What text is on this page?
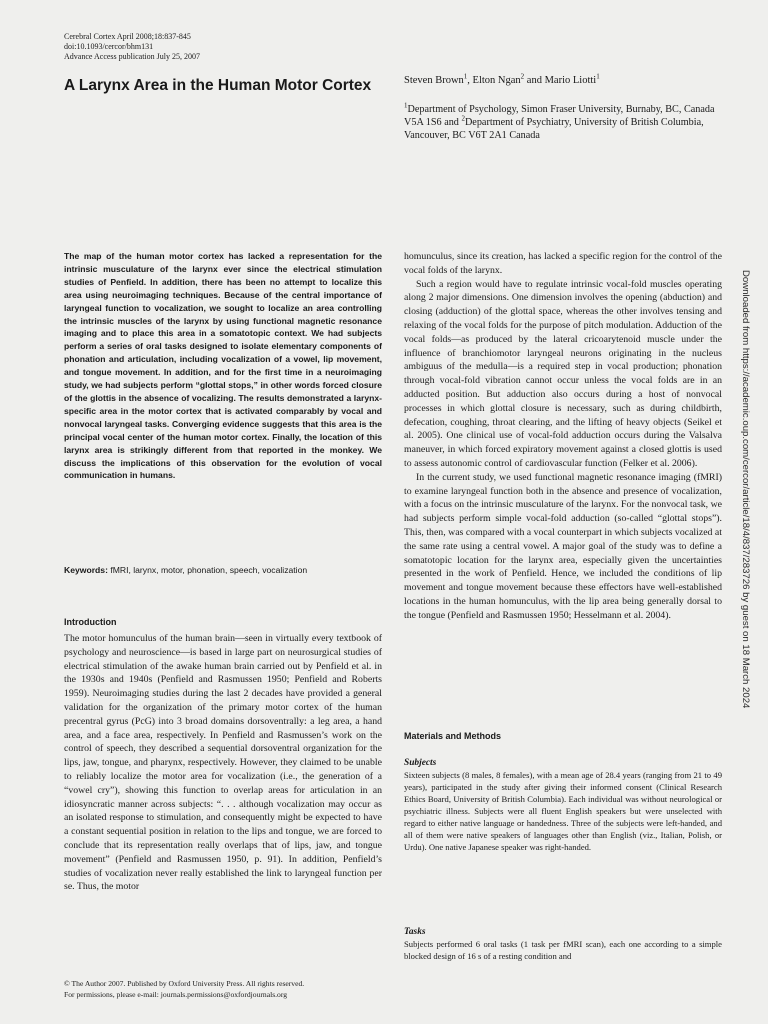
Cerebral Cortex April 2008;18:837-845
doi:10.1093/cercor/bhm131
Advance Access publication July 25, 2007
A Larynx Area in the Human Motor Cortex	Steven Brown$^1$, Elton Ngan$^2$ and Mario Liotti$^1$
$^1$Department of Psychology, Simon Fraser University, Burnaby, BC, Canada V5A 1S6 and $^2$Department of Psychiatry, University of British Columbia, Vancouver, BC V6T 2A1 Canada

The map of the human motor cortex has lacked a representation for the intrinsic musculature of the larynx ever since the electrical stimulation studies of Penfield. In addition, there has been no attempt to localize this area using neuroimaging techniques. Because of the central importance of laryngeal function to vocalization, we sought to localize an area controlling the intrinsic muscles of the larynx by using functional magnetic resonance imaging and to place this area in a somatotopic context. We had subjects perform a series of oral tasks designed to isolate elementary components of phonation and articulation, including vocalization of a vowel, lip movement, and tongue movement. In addition, and for the first time in a neuroimaging study, we had subjects perform “glottal stops,” in other words forced closure of the glottis in the absence of vocalizing. The results demonstrated a larynx-specific area in the motor cortex that is activated comparably by vocal and nonvocal laryngeal tasks. Converging evidence suggests that this area is the principal vocal center of the human motor cortex. Finally, the location of this larynx area is strikingly different from that reported in the monkey. We discuss the implications of this observation for the evolution of vocal communication in humans.

Keywords: fMRI, larynx, motor, phonation, speech, vocalization
Introduction

The motor homunculus of the human brain—seen in virtually every textbook of psychology and neuroscience—is based in large part on neurosurgical studies of electrical stimulation of the awake human brain carried out by Penfield et al. in the 1930s and 1940s (Penfield and Rasmussen 1950; Penfield and Roberts 1959). Neuroimaging studies during the last 2 decades have provided a general validation for the organization of the primary motor cortex of the human precentral gyrus (PcG) into 3 broad domains dorsoventrally: a leg area, a hand area, and a face area, respectively. In Penfield and Rasmussen’s work on the control of speech, they described a sequential dorsoventral organization for the lips, jaw, tongue, and pharynx, respectively. However, they claimed to be unable to reliably localize the motor area for vocalization (i.e., the generation of a “vowel cry”), showing this function to overlap areas for articulation in an idiosyncratic manner across subjects: “. . . although vocalization may occur as an isolated response to stimulation, and consequently might be expected to have a constant sequential position in relation to the lips and tongue, we are forced to conclude that its representation really overlaps that of lips, jaw, and tongue movement” (Penfield and Rasmussen 1950, p. 91). In addition, Penfield’s studies of vocalization never really established the link to laryngeal function per se. Thus, the motor

homunculus, since its creation, has lacked a specific region for the control of the vocal folds of the larynx.

Such a region would have to regulate intrinsic vocal-fold muscles operating along 2 major dimensions. One dimension involves the opening (abduction) and closing (adduction) of the glottal space, whereas the other involves tensing and relaxing of the vocal folds for the purpose of pitch modulation. Adduction of the vocal folds—as produced by the lateral cricoarytenoid muscle under the influence of branchiomotor laryngeal neurons originating in the nucleus ambiguus of the medulla—is a required step in vocal production; phonation through vocal-fold vibration cannot occur unless the vocal folds are in an adducted position. But adduction also occurs during a host of nonvocal processes in which glottal closure is necessary, such as during childbirth, defecation, coughing, throat clearing, and the lifting of heavy objects (Seikel et al. 2005). One clinical use of vocal-fold adduction occurs during the Valsalva maneuver, in which forced expiratory movement against a closed glottis is used to assess autonomic control of cardiovascular function (Felker et al. 2006).

In the current study, we used functional magnetic resonance imaging (fMRI) to examine laryngeal function both in the absence and presence of vocalization, with a focus on the intrinsic musculature of the larynx. For the nonvocal task, we had subjects perform simple vocal-fold adduction (so-called “glottal stops”). This, then, was compared with a vocal counterpart in which subjects vocalized at the same rate using a central vowel. A major goal of the study was to define a somatotopic location for the larynx area, especially given the uncertainties presented in the work of Penfield. Hence, we included the conditions of lip movement and tongue movement because these effectors have well-established locations in the human homunculus, with the lip area being generally dorsal to the tongue (Penfield and Rasmussen 1950; Hesselmann et al. 2004).

Materials and Methods
Subjects

Sixteen subjects (8 males, 8 females), with a mean age of 28.4 years (ranging from 21 to 49 years), participated in the study after giving their informed consent (Clinical Research Ethics Board, University of British Columbia). Each individual was without neurological or psychiatric illness. Subjects were all fluent English speakers but were unselected with regard to either native language or handedness. Three of the subjects were left-handed, and all of them were native speakers of languages other than English (viz., Italian, Polish, or Urdu). One native Japanese speaker was right-handed.

Tasks

Subjects performed 6 oral tasks (1 task per fMRI scan), each one according to a simple blocked design of 16 s of a resting condition and

© The Author 2007. Published by Oxford University Press. All rights reserved.
For permissions, please e-mail: journals.permissions@oxfordjournals.org
Downloaded from https://academic.oup.com/cercor/article/18/4/837/283726 by guest on 18 March 2024
